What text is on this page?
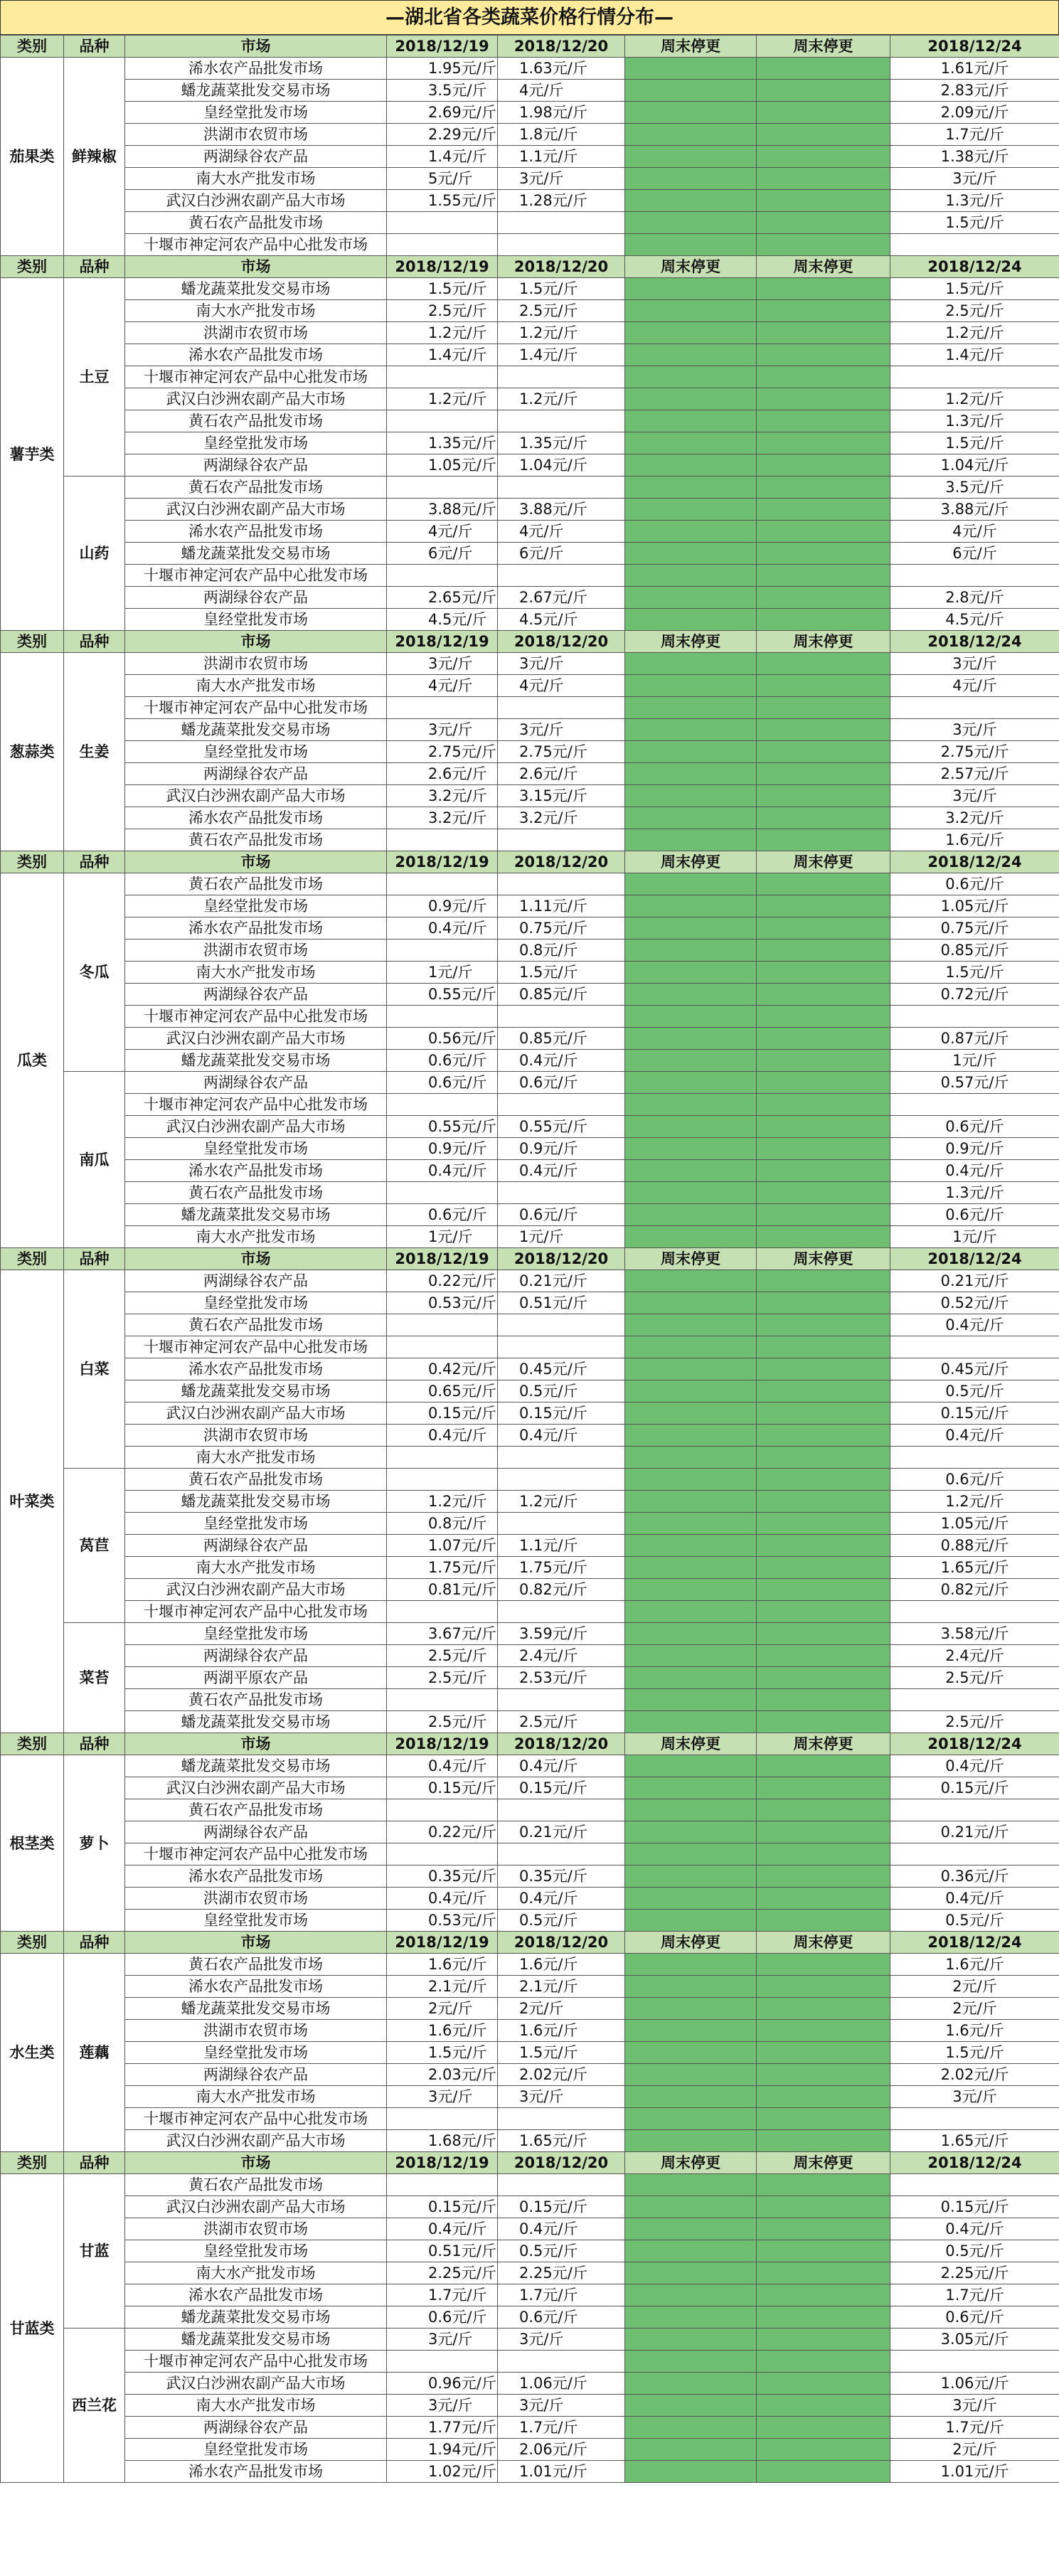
—湖北省各类蔬菜价格行情分布—
类别	品种	市场	2018/12/19	2018/12/20	周末停更	周末停更	2018/12/24
茄果类	鲜辣椒	浠水农产品批发市场	1.95元/斤	1.63元/斤			1.61元/斤
		蟠龙蔬菜批发交易市场	3.5元/斤	4元/斤			2.83元/斤
		皇经堂批发市场	2.69元/斤	1.98元/斤			2.09元/斤
		洪湖市农贸市场	2.29元/斤	1.8元/斤			1.7元/斤
		两湖绿谷农产品	1.4元/斤	1.1元/斤			1.38元/斤
		南大水产批发市场	5元/斤	3元/斤			3元/斤
		武汉白沙洲农副产品大市场	1.55元/斤	1.28元/斤			1.3元/斤
		黄石农产品批发市场					1.5元/斤
		十堰市神定河农产品中心批发市场					
类别	品种	市场	2018/12/19	2018/12/20	周末停更	周末停更	2018/12/24
薯芋类	土豆	蟠龙蔬菜批发交易市场	1.5元/斤	1.5元/斤			1.5元/斤
		南大水产批发市场	2.5元/斤	2.5元/斤			2.5元/斤
		洪湖市农贸市场	1.2元/斤	1.2元/斤			1.2元/斤
		浠水农产品批发市场	1.4元/斤	1.4元/斤			1.4元/斤
		十堰市神定河农产品中心批发市场					
		武汉白沙洲农副产品大市场	1.2元/斤	1.2元/斤			1.2元/斤
		黄石农产品批发市场					1.3元/斤
		皇经堂批发市场	1.35元/斤	1.35元/斤			1.5元/斤
		两湖绿谷农产品	1.05元/斤	1.04元/斤			1.04元/斤
	山药	黄石农产品批发市场					3.5元/斤
		武汉白沙洲农副产品大市场	3.88元/斤	3.88元/斤			3.88元/斤
		浠水农产品批发市场	4元/斤	4元/斤			4元/斤
		蟠龙蔬菜批发交易市场	6元/斤	6元/斤			6元/斤
		十堰市神定河农产品中心批发市场					
		两湖绿谷农产品	2.65元/斤	2.67元/斤			2.8元/斤
		皇经堂批发市场	4.5元/斤	4.5元/斤			4.5元/斤
类别	品种	市场	2018/12/19	2018/12/20	周末停更	周末停更	2018/12/24
葱蒜类	生姜	洪湖市农贸市场	3元/斤	3元/斤			3元/斤
		南大水产批发市场	4元/斤	4元/斤			4元/斤
		十堰市神定河农产品中心批发市场					
		蟠龙蔬菜批发交易市场	3元/斤	3元/斤			3元/斤
		皇经堂批发市场	2.75元/斤	2.75元/斤			2.75元/斤
		两湖绿谷农产品	2.6元/斤	2.6元/斤			2.57元/斤
		武汉白沙洲农副产品大市场	3.2元/斤	3.15元/斤			3元/斤
		浠水农产品批发市场	3.2元/斤	3.2元/斤			3.2元/斤
		黄石农产品批发市场					1.6元/斤
类别	品种	市场	2018/12/19	2018/12/20	周末停更	周末停更	2018/12/24
瓜类	冬瓜	黄石农产品批发市场					0.6元/斤
		皇经堂批发市场	0.9元/斤	1.11元/斤			1.05元/斤
		浠水农产品批发市场	0.4元/斤	0.75元/斤			0.75元/斤
		洪湖市农贸市场		0.8元/斤			0.85元/斤
		南大水产批发市场	1元/斤	1.5元/斤			1.5元/斤
		两湖绿谷农产品	0.55元/斤	0.85元/斤			0.72元/斤
		十堰市神定河农产品中心批发市场					
		武汉白沙洲农副产品大市场	0.56元/斤	0.85元/斤			0.87元/斤
		蟠龙蔬菜批发交易市场	0.6元/斤	0.4元/斤			1元/斤
	南瓜	两湖绿谷农产品	0.6元/斤	0.6元/斤			0.57元/斤
		十堰市神定河农产品中心批发市场					
		武汉白沙洲农副产品大市场	0.55元/斤	0.55元/斤			0.6元/斤
		皇经堂批发市场	0.9元/斤	0.9元/斤			0.9元/斤
		浠水农产品批发市场	0.4元/斤	0.4元/斤			0.4元/斤
		黄石农产品批发市场					1.3元/斤
		蟠龙蔬菜批发交易市场	0.6元/斤	0.6元/斤			0.6元/斤
		南大水产批发市场	1元/斤	1元/斤			1元/斤
类别	品种	市场	2018/12/19	2018/12/20	周末停更	周末停更	2018/12/24
叶菜类	白菜	两湖绿谷农产品	0.22元/斤	0.21元/斤			0.21元/斤
		皇经堂批发市场	0.53元/斤	0.51元/斤			0.52元/斤
		黄石农产品批发市场					0.4元/斤
		十堰市神定河农产品中心批发市场					
		浠水农产品批发市场	0.42元/斤	0.45元/斤			0.45元/斤
		蟠龙蔬菜批发交易市场	0.65元/斤	0.5元/斤			0.5元/斤
		武汉白沙洲农副产品大市场	0.15元/斤	0.15元/斤			0.15元/斤
		洪湖市农贸市场	0.4元/斤	0.4元/斤			0.4元/斤
		南大水产批发市场					
	莴苣	黄石农产品批发市场					0.6元/斤
		蟠龙蔬菜批发交易市场	1.2元/斤	1.2元/斤			1.2元/斤
		皇经堂批发市场	0.8元/斤				1.05元/斤
		两湖绿谷农产品	1.07元/斤	1.1元/斤			0.88元/斤
		南大水产批发市场	1.75元/斤	1.75元/斤			1.65元/斤
		武汉白沙洲农副产品大市场	0.81元/斤	0.82元/斤			0.82元/斤
		十堰市神定河农产品中心批发市场					
	菜苔	皇经堂批发市场	3.67元/斤	3.59元/斤			3.58元/斤
		两湖绿谷农产品	2.5元/斤	2.4元/斤			2.4元/斤
		两湖平原农产品	2.5元/斤	2.53元/斤			2.5元/斤
		黄石农产品批发市场					
		蟠龙蔬菜批发交易市场	2.5元/斤	2.5元/斤			2.5元/斤
类别	品种	市场	2018/12/19	2018/12/20	周末停更	周末停更	2018/12/24
根茎类	萝卜	蟠龙蔬菜批发交易市场	0.4元/斤	0.4元/斤			0.4元/斤
		武汉白沙洲农副产品大市场	0.15元/斤	0.15元/斤			0.15元/斤
		黄石农产品批发市场					
		两湖绿谷农产品	0.22元/斤	0.21元/斤			0.21元/斤
		十堰市神定河农产品中心批发市场					
		浠水农产品批发市场	0.35元/斤	0.35元/斤			0.36元/斤
		洪湖市农贸市场	0.4元/斤	0.4元/斤			0.4元/斤
		皇经堂批发市场	0.53元/斤	0.5元/斤			0.5元/斤
类别	品种	市场	2018/12/19	2018/12/20	周末停更	周末停更	2018/12/24
水生类	莲藕	黄石农产品批发市场	1.6元/斤	1.6元/斤			1.6元/斤
		浠水农产品批发市场	2.1元/斤	2.1元/斤			2元/斤
		蟠龙蔬菜批发交易市场	2元/斤	2元/斤			2元/斤
		洪湖市农贸市场	1.6元/斤	1.6元/斤			1.6元/斤
		皇经堂批发市场	1.5元/斤	1.5元/斤			1.5元/斤
		两湖绿谷农产品	2.03元/斤	2.02元/斤			2.02元/斤
		南大水产批发市场	3元/斤	3元/斤			3元/斤
		十堰市神定河农产品中心批发市场					
		武汉白沙洲农副产品大市场	1.68元/斤	1.65元/斤			1.65元/斤
类别	品种	市场	2018/12/19	2018/12/20	周末停更	周末停更	2018/12/24
甘蓝类	甘蓝	黄石农产品批发市场					
		武汉白沙洲农副产品大市场	0.15元/斤	0.15元/斤			0.15元/斤
		洪湖市农贸市场	0.4元/斤	0.4元/斤			0.4元/斤
		皇经堂批发市场	0.51元/斤	0.5元/斤			0.5元/斤
		南大水产批发市场	2.25元/斤	2.25元/斤			2.25元/斤
		浠水农产品批发市场	1.7元/斤	1.7元/斤			1.7元/斤
		蟠龙蔬菜批发交易市场	0.6元/斤	0.6元/斤			0.6元/斤
	西兰花	蟠龙蔬菜批发交易市场	3元/斤	3元/斤			3.05元/斤
		十堰市神定河农产品中心批发市场					
		武汉白沙洲农副产品大市场	0.96元/斤	1.06元/斤			1.06元/斤
		南大水产批发市场	3元/斤	3元/斤			3元/斤
		两湖绿谷农产品	1.77元/斤	1.7元/斤			1.7元/斤
		皇经堂批发市场	1.94元/斤	2.06元/斤			2元/斤
		浠水农产品批发市场	1.02元/斤	1.01元/斤			1.01元/斤
